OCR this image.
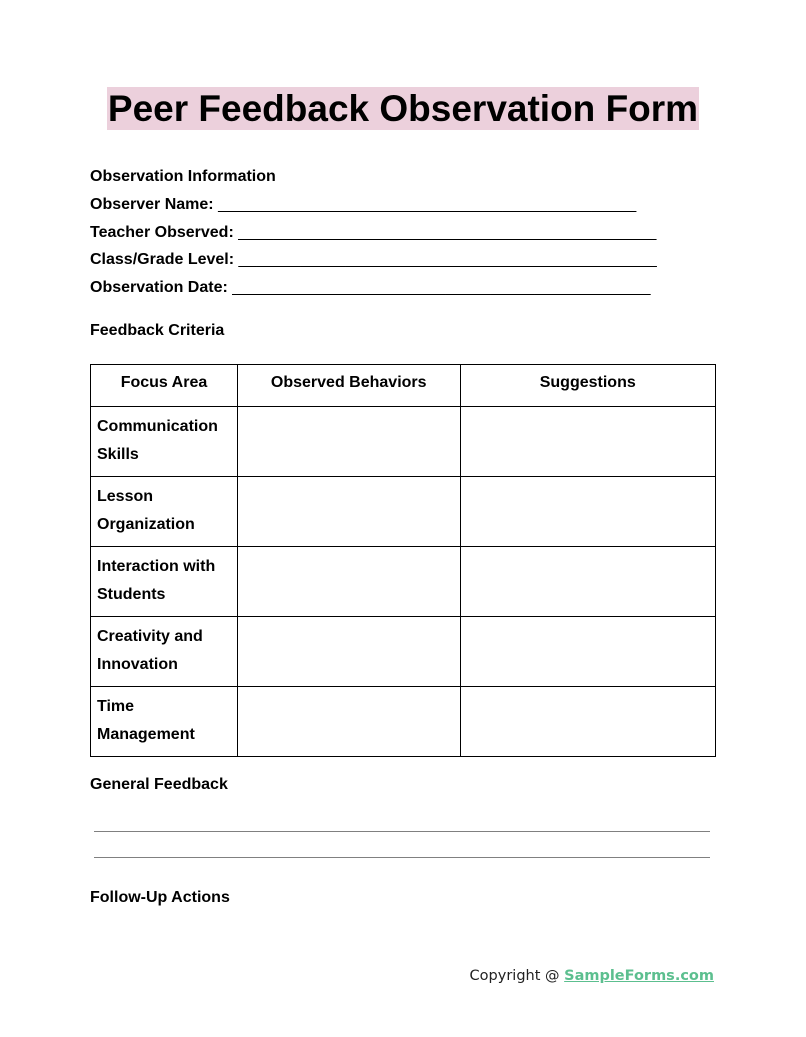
Peer Feedback Observation Form
Observation Information
Observer Name: _______________________________________________
Teacher Observed: _______________________________________________
Class/Grade Level: _______________________________________________
Observation Date: _______________________________________________
Feedback Criteria
Focus Area	Observed Behaviors	Suggestions
Communication Skills		
Lesson Organization		
Interaction with Students		
Creativity and Innovation		
Time Management		
General Feedback
Follow-Up Actions
Copyright @ SampleForms.com
